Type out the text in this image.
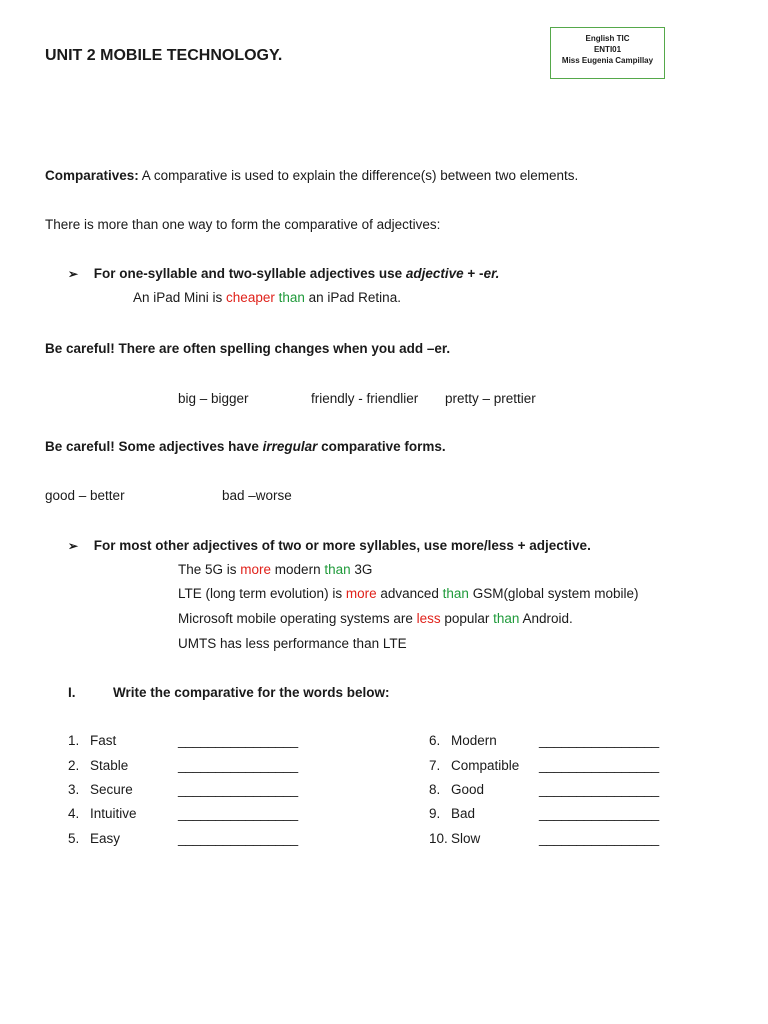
English TIC
ENTI01
Miss Eugenia Campillay
UNIT 2 MOBILE TECHNOLOGY.
Comparatives: A comparative is used to explain the difference(s) between two elements.
There is more than one way to form the comparative of adjectives:
➢ For one-syllable and two-syllable adjectives use adjective + -er.
An iPad Mini is cheaper than an iPad Retina.
Be careful! There are often spelling changes when you add –er.
big – bigger	friendly - friendlier pretty – prettier
Be careful! Some adjectives have irregular comparative forms.
good – better	bad –worse
➢ For most other adjectives of two or more syllables, use more/less + adjective.
The 5G is more modern than 3G
LTE (long term evolution) is more advanced than GSM(global system mobile)
Microsoft mobile operating systems are less popular than Android.
UMTS has less performance than LTE
I.	Write the comparative for the words below:
1. Fast	________________
2. Stable	________________
3. Secure	________________
4. Intuitive	________________
5. Easy	________________
6. Modern	________________
7. Compatible ________________
8. Good	________________
9. Bad	________________
10. Slow	________________
